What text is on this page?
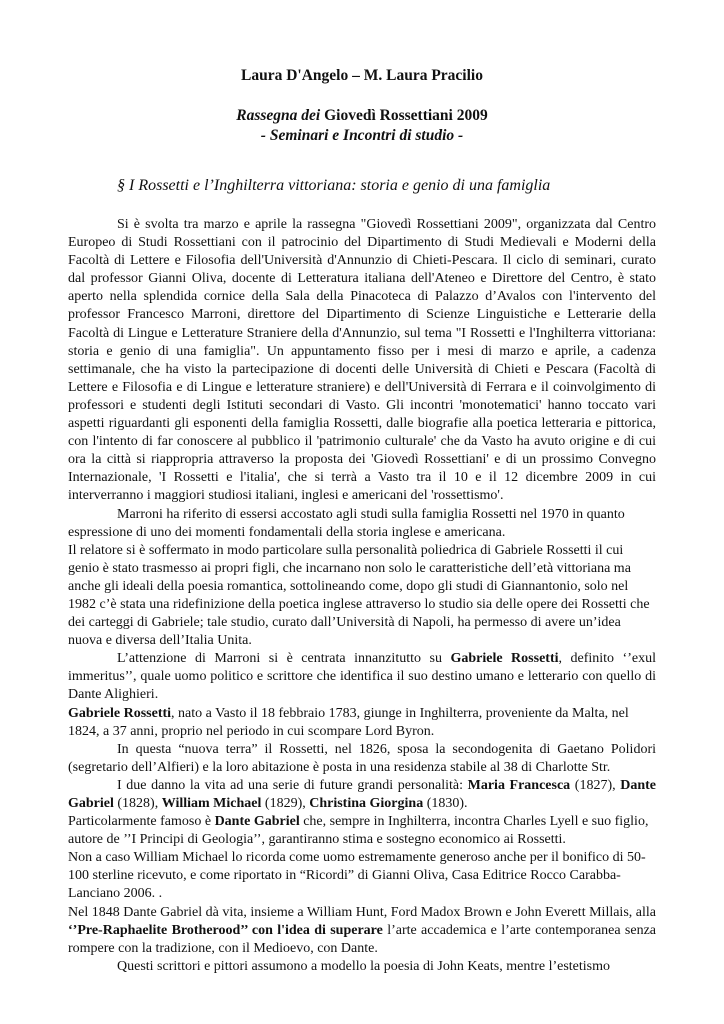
Laura D'Angelo – M. Laura Pracilio

Rassegna dei Giovedì Rossettiani 2009

- Seminari e Incontri di studio -

§ I Rossetti e l’Inghilterra vittoriana: storia e genio di una famiglia

Si è svolta tra marzo e aprile la rassegna "Giovedì Rossettiani 2009", organizzata dal Centro Europeo di Studi Rossettiani con il patrocinio del Dipartimento di Studi Medievali e Moderni della Facoltà di Lettere e Filosofia dell'Università d'Annunzio di Chieti-Pescara. Il ciclo di seminari, curato dal professor Gianni Oliva, docente di Letteratura italiana dell'Ateneo e Direttore del Centro, è stato aperto nella splendida cornice della Sala della Pinacoteca di Palazzo d’Avalos con l'intervento del professor Francesco Marroni, direttore del Dipartimento di Scienze Linguistiche e Letterarie della Facoltà di Lingue e Letterature Straniere della d'Annunzio, sul tema "I Rossetti e l'Inghilterra vittoriana: storia e genio di una famiglia". Un appuntamento fisso per i mesi di marzo e aprile, a cadenza settimanale, che ha visto la partecipazione di docenti delle Università di Chieti e Pescara (Facoltà di Lettere e Filosofia e di Lingue e letterature straniere) e dell'Università di Ferrara e il coinvolgimento di professori e studenti degli Istituti secondari di Vasto. Gli incontri 'monotematici' hanno toccato vari aspetti riguardanti gli esponenti della famiglia Rossetti, dalle biografie alla poetica letteraria e pittorica, con l'intento di far conoscere al pubblico il 'patrimonio culturale' che da Vasto ha avuto origine e di cui ora la città si riappropria attraverso la proposta dei 'Giovedì Rossettiani' e di un prossimo Convegno Internazionale, 'I Rossetti e l'italia', che si terrà a Vasto tra il 10 e il 12 dicembre 2009 in cui interverranno i maggiori studiosi italiani, inglesi e americani del 'rossettismo'.

Marroni ha riferito di essersi accostato agli studi sulla famiglia Rossetti nel 1970 in quanto espressione di uno dei momenti fondamentali della storia inglese e americana.

Il relatore si è soffermato in modo particolare sulla personalità poliedrica di Gabriele Rossetti il cui genio è stato trasmesso ai propri figli, che incarnano non solo le caratteristiche dell’età vittoriana ma anche gli ideali della poesia romantica, sottolineando come, dopo gli studi di Giannantonio, solo nel 1982 c’è stata una ridefinizione della poetica inglese attraverso lo studio sia delle opere dei Rossetti che dei carteggi di Gabriele; tale studio, curato dall’Università di Napoli, ha permesso di avere un’idea nuova e diversa dell’Italia Unita.

L’attenzione di Marroni si è centrata innanzitutto su Gabriele Rossetti, definito ‘’exul immeritus’’, quale uomo politico e scrittore che identifica il suo destino umano e letterario con quello di Dante Alighieri.

Gabriele Rossetti, nato a Vasto il 18 febbraio 1783, giunge in Inghilterra, proveniente da Malta, nel 1824, a 37 anni, proprio nel periodo in cui scompare Lord Byron.

In questa “nuova terra” il Rossetti, nel 1826, sposa la secondogenita di Gaetano Polidori (segretario dell’Alfieri) e la loro abitazione è posta in una residenza stabile al 38 di Charlotte Str.

I due danno la vita ad una serie di future grandi personalità: Maria Francesca (1827), Dante Gabriel (1828), William Michael (1829), Christina Giorgina (1830).

Particolarmente famoso è Dante Gabriel che, sempre in Inghilterra, incontra Charles Lyell e suo figlio, autore de ’’I Principi di Geologia’’, garantiranno stima e sostegno economico ai Rossetti.

Non a caso William Michael lo ricorda come uomo estremamente generoso anche per il bonifico di 50-100 sterline ricevuto, e come riportato in “Ricordi” di Gianni Oliva, Casa Editrice Rocco Carabba-Lanciano 2006. .

Nel 1848 Dante Gabriel dà vita, insieme a William Hunt, Ford Madox Brown e John Everett Millais, alla ‘’Pre-Raphaelite Brotherood’’ con l'idea di superare l’arte accademica e l’arte contemporanea senza rompere con la tradizione, con il Medioevo, con Dante.

Questi scrittori e pittori assumono a modello la poesia di John Keats, mentre l’estetismo
